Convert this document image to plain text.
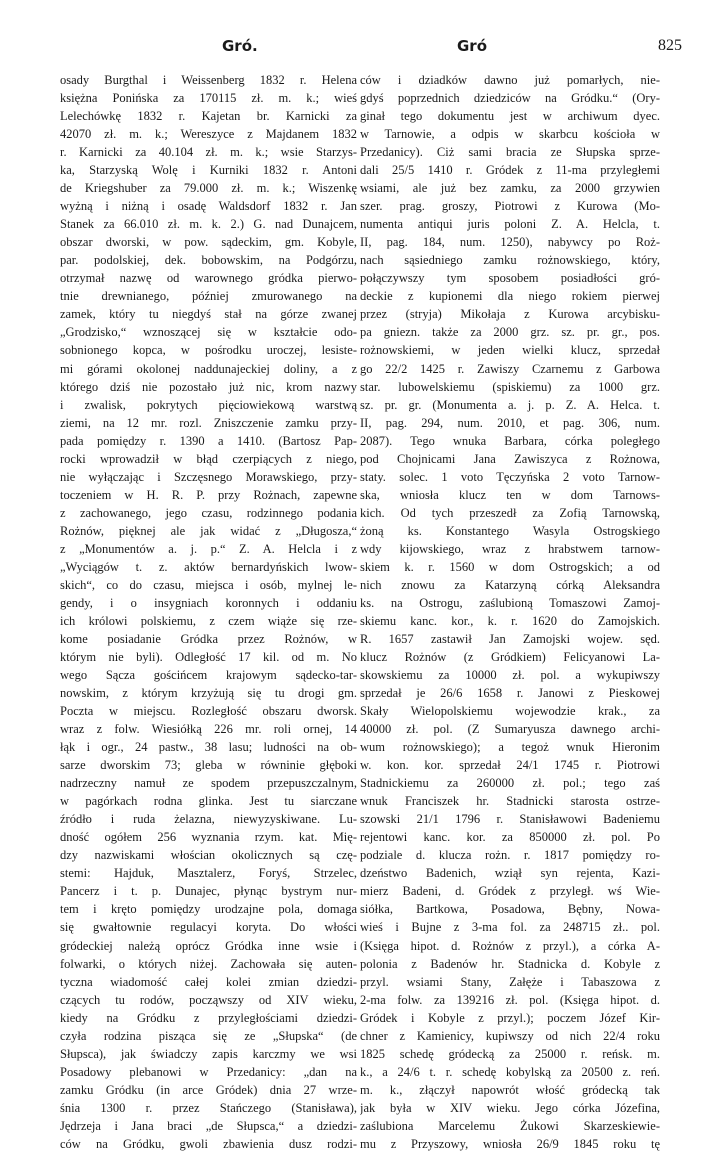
Gró.	Gró	825
osady Burgthal i Weissenberg 1832 r. Helena
księżna Ponińska za 170115 zł. m. k.; wieś
Lelechówkę 1832 r. Kajetan br. Karnicki za
42070 zł. m. k.; Wereszyce z Majdanem 1832
r. Karnicki za 40.104 zł. m. k.; wsie Starzys-
ka, Starzyską Wolę i Kurniki 1832 r. Antoni
de Kriegshuber za 79.000 zł. m. k.; Wiszenkę
wyżną i niżną i osadę Waldsdorf 1832 r. Jan
Stanek za 66.010 zł. m. k. 2.) G. nad Dunajcem,
obszar dworski, w pow. sądeckim, gm. Kobyle,
par. podolskiej, dek. bobowskim, na Podgórzu,
otrzymał nazwę od warownego gródka pierwo-
tnie drewnianego, później zmurowanego na
zamek, który tu niegdyś stał na górze zwanej
„Grodzisko,“ wznoszącej się w kształcie odo-
sobnionego kopca, w pośrodku uroczej, lesiste-
mi górami okolonej naddunajeckiej doliny, a z
którego dziś nie pozostało już nic, krom nazwy
i zwalisk, pokrytych pięciowiekową warstwą
ziemi, na 12 mr. rozl. Zniszczenie zamku przy-
pada pomiędzy r. 1390 a 1410. (Bartosz Pap-
rocki wprowadził w błąd czerpiących z niego,
nie wyłączając i Szczęsnego Morawskiego, przy-
toczeniem w H. R. P. przy Rożnach, zapewne
z zachowanego, jego czasu, rodzinnego podania
Rożnów, pięknej ale jak widać z „Długosza,“
z „Monumentów a. j. p.“ Z. A. Helcla i z
„Wyciągów t. z. aktów bernardyńskich lwow-
skich“, co do czasu, miejsca i osób, mylnej le-
gendy, i o insygniach koronnych i oddaniu
ich królowi polskiemu, z czem wiąże się rze-
kome posiadanie Gródka przez Rożnów, w
którym nie byli). Odległość 17 kil. od m. No
wego Sącza gościńcem krajowym sądecko-tar-
nowskim, z którym krzyżują się tu drogi gm.
Poczta w miejscu. Rozległość obszaru dworsk.
wraz z folw. Wiesiółką 226 mr. roli ornej, 14
łąk i ogr., 24 pastw., 38 lasu; ludności na ob-
sarze dworskim 73; gleba w równinie głęboki
nadrzeczny namuł ze spodem przepuszczalnym,
w pagórkach rodna glinka. Jest tu siarczane
źródło i ruda żelazna, niewyzyskiwane. Lu-
dność ogółem 256 wyznania rzym. kat. Mię-
dzy nazwiskami włościan okolicznych są czę-
stemi: Hajduk, Masztalerz, Foryś, Strzelec,
Pancerz i t. p. Dunajec, płynąc bystrym nur-
tem i kręto pomiędzy urodzajne pola, domaga
się gwałtownie regulacyi koryta. Do włości
gródeckiej należą oprócz Gródka inne wsie i
folwarki, o których niżej. Zachowała się auten-
tyczna wiadomość całej kolei zmian dziedzi-
czących tu rodów, począwszy od XIV wieku,
kiedy na Gródku z przyległościami dziedzi-
czyła rodzina pisząca się ze „Słupska“ (de
Słupsca), jak świadczy zapis karczmy we wsi
Posadowy plebanowi w Przedanicy: „dan na
zamku Gródku (in arce Gródek) dnia 27 wrze-
śnia 1300 r. przez Stańczego (Stanisława),
Jędrzeja i Jana braci „de Słupsca,“ a dziedzi-
ców na Gródku, gwoli zbawienia dusz rodzi-
ców i dziadków dawno już pomarłych, nie-
gdyś poprzednich dziedziców na Gródku.“ (Ory-
ginał tego dokumentu jest w archiwum dyec.
w Tarnowie, a odpis w skarbcu kościoła w
Przedanicy). Ciż sami bracia ze Słupska sprze-
dali 25/5 1410 r. Gródek z 11-ma przyległemi
wsiami, ale już bez zamku, za 2000 grzywien
szer. prag. groszy, Piotrowi z Kurowa (Mo-
numenta antiqui juris poloni Z. A. Helcla, t.
II, pag. 184, num. 1250), nabywcy po Roż-
nach sąsiedniego zamku rożnowskiego, który,
połączywszy tym sposobem posiadłości gró-
deckie z kupionemi dla niego rokiem pierwej
przez (stryja) Mikołaja z Kurowa arcybisku-
pa gniezn. także za 2000 grz. sz. pr. gr., pos.
rożnowskiemi, w jeden wielki klucz, sprzedał
go 22/2 1425 r. Zawiszy Czarnemu z Garbowa
star. lubowelskiemu (spiskiemu) za 1000 grz.
sz. pr. gr. (Monumenta a. j. p. Z. A. Helca. t.
II, pag. 294, num. 2010, et pag. 306, num.
2087). Tego wnuka Barbara, córka poległego
pod Chojnicami Jana Zawiszyca z Rożnowa,
staty. solec. 1 voto Tęczyńska 2 voto Tarnow-
ska, wniosła klucz ten w dom Tarnows-
kich. Od tych przeszedł za Zofią Tarnowską,
żoną ks. Konstantego Wasyla Ostrogskiego
wdy kijowskiego, wraz z hrabstwem tarnow-
skiem k. r. 1560 w dom Ostrogskich; a od
nich znowu za Katarzyną córką Aleksandra
ks. na Ostrogu, zaślubioną Tomaszowi Zamoj-
skiemu kanc. kor., k. r. 1620 do Zamojskich.
R. 1657 zastawił Jan Zamojski wojew. sęd.
klucz Rożnów (z Gródkiem) Felicyanowi La-
skowskiemu za 10000 zł. pol. a wykupiwszy
sprzedał je 26/6 1658 r. Janowi z Pieskowej
Skały Wielopolskiemu wojewodzie krak., za
40000 zł. pol. (Z Sumaryusza dawnego archi-
wum rożnowskiego); a tegoż wnuk Hieronim
w. kon. kor. sprzedał 24/1 1745 r. Piotrowi
Stadnickiemu za 260000 zł. pol.; tego zaś
wnuk Franciszek hr. Stadnicki starosta ostrze-
szowski 21/1 1796 r. Stanisławowi Badeniemu
rejentowi kanc. kor. za 850000 zł. pol. Po
podziale d. klucza rożn. r. 1817 pomiędzy ro-
dzeństwo Badenich, wziął syn rejenta, Kazi-
mierz Badeni, d. Gródek z przyległ. wś Wie-
siółka, Bartkowa, Posadowa, Bębny, Nowa-
wieś i Bujne z 3-ma fol. za 248715 zł.. pol.
(Księga hipot. d. Rożnów z przyl.), a córka A-
polonia z Badenów hr. Stadnicka d. Kobyle z
przyl. wsiami Stany, Załęże i Tabaszowa z
2-ma folw. za 139216 zł. pol. (Księga hipot. d.
Gródek i Kobyle z przyl.); poczem Józef Kir-
chner z Kamienicy, kupiwszy od nich 22/4 roku
1825 schedę gródecką za 25000 r. reńsk. m.
k., a 24/6 t. r. schedę kobylską za 20500 z. reń.
m. k., złączył napowrót włość gródecką tak
jak była w XIV wieku. Jego córka Józefina,
zaślubiona Marcelemu Żukowi Skarzeskiewie-
mu z Przyszowy, wniosła 26/9 1845 roku tę
